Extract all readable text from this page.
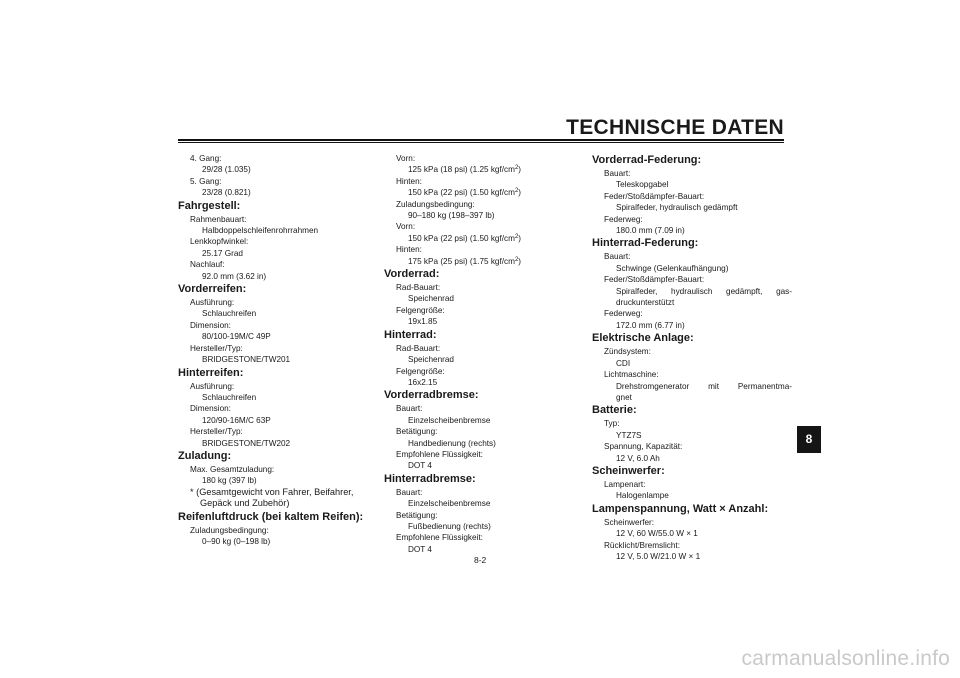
TECHNISCHE DATEN
4. Gang:
29/28 (1.035)
5. Gang:
23/28 (0.821)
Fahrgestell:
Rahmenbauart:
Halbdoppelschleifenrohrrahmen
Lenkkopfwinkel:
25.17 Grad
Nachlauf:
92.0 mm (3.62 in)
Vorderreifen:
Ausführung:
Schlauchreifen
Dimension:
80/100-19M/C 49P
Hersteller/Typ:
BRIDGESTONE/TW201
Hinterreifen:
Ausführung:
Schlauchreifen
Dimension:
120/90-16M/C 63P
Hersteller/Typ:
BRIDGESTONE/TW202
Zuladung:
Max. Gesamtzuladung:
180 kg (397 lb)
* (Gesamtgewicht von Fahrer, Beifahrer,
Gepäck und Zubehör)
Reifenluftdruck (bei kaltem Reifen):
Zuladungsbedingung:
0–90 kg (0–198 lb)
Vorn:
125 kPa (18 psi) (1.25 kgf/$cm^2$)
Hinten:
150 kPa (22 psi) (1.50 kgf/$cm^2$)
Zuladungsbedingung:
90–180 kg (198–397 lb)
Vorn:
150 kPa (22 psi) (1.50 kgf/$cm^2$)
Hinten:
175 kPa (25 psi) (1.75 kgf/$cm^2$)
Vorderrad:
Rad-Bauart:
Speichenrad
Felgengröße:
19x1.85
Hinterrad:
Rad-Bauart:
Speichenrad
Felgengröße:
16x2.15
Vorderradbremse:
Bauart:
Einzelscheibenbremse
Betätigung:
Handbedienung (rechts)
Empfohlene Flüssigkeit:
DOT 4
Hinterradbremse:
Bauart:
Einzelscheibenbremse
Betätigung:
Fußbedienung (rechts)
Empfohlene Flüssigkeit:
DOT 4
Vorderrad-Federung:
Bauart:
Teleskopgabel
Feder/Stoßdämpfer-Bauart:
Spiralfeder, hydraulisch gedämpft
Federweg:
180.0 mm (7.09 in)
Hinterrad-Federung:
Bauart:
Schwinge (Gelenkaufhängung)
Feder/Stoßdämpfer-Bauart:
Spiralfeder, hydraulisch gedämpft, gas-
druckunterstützt
Federweg:
172.0 mm (6.77 in)
Elektrische Anlage:
Zündsystem:
CDI
Lichtmaschine:
Drehstromgenerator mit Permanentma-
gnet
Batterie:
Typ:
YTZ7S
Spannung, Kapazität:
12 V, 6.0 Ah
Scheinwerfer:
Lampenart:
Halogenlampe
Lampenspannung, Watt × Anzahl:
Scheinwerfer:
12 V, 60 W/55.0 W × 1
Rücklicht/Bremslicht:
12 V, 5.0 W/21.0 W × 1
8-2
8
carmanualsonline.info
